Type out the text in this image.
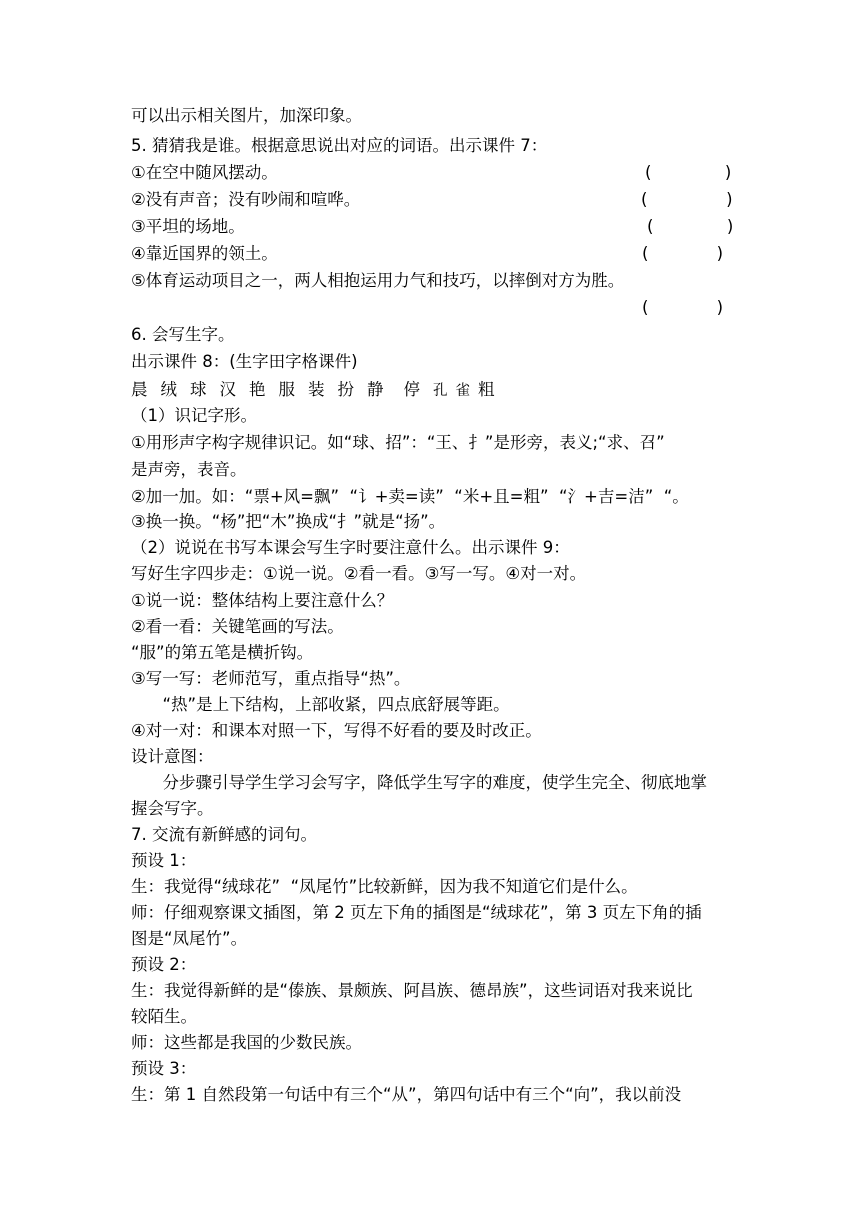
可以出示相关图片，加深印象。
5. 猜猜我是谁。根据意思说出对应的词语。出示课件 7：
①在空中随风摆动。	(              )
②没有声音；没有吵闹和喧哗。	(               )
③平坦的场地。	(              )
④靠近国界的领土。	(             )
⑤体育运动项目之一，两人相抱运用力气和技巧，以摔倒对方为胜。
(             )
6. 会写生字。
出示课件 8：(生字田字格课件)
晨 绒 球 汉 艳 服 装 扮 静 停 孔 雀 粗
（1）识记字形。
①用形声字构字规律识记。如“球、招”：“王、扌”是形旁，表义;“求、召”
是声旁，表音。
②加一加。如：“票+风=飘”  “讠+卖=读”  “米+且=粗”  “氵+吉=洁”  “。
③换一换。“杨”把“木”换成“扌”就是“扬”。
（2）说说在书写本课会写生字时要注意什么。出示课件 9：
写好生字四步走：①说一说。②看一看。③写一写。④对一对。
①说一说：整体结构上要注意什么？
②看一看：关键笔画的写法。
“服”的第五笔是横折钩。
③写一写：老师范写，重点指导“热”。
“热”是上下结构，上部收紧，四点底舒展等距。
④对一对：和课本对照一下，写得不好看的要及时改正。
设计意图：
分步骤引导学生学习会写字，降低学生写字的难度，使学生完全、彻底地掌
握会写字。
7. 交流有新鲜感的词句。
预设 1：
生：我觉得“绒球花”  “凤尾竹”比较新鲜，因为我不知道它们是什么。
师：仔细观察课文插图，第 2 页左下角的插图是“绒球花”，第 3 页左下角的插
图是“凤尾竹”。
预设 2：
生：我觉得新鲜的是“傣族、景颇族、阿昌族、德昂族”，这些词语对我来说比
较陌生。
师：这些都是我国的少数民族。
预设 3：
生：第 1 自然段第一句话中有三个“从”，第四句话中有三个“向”，我以前没
